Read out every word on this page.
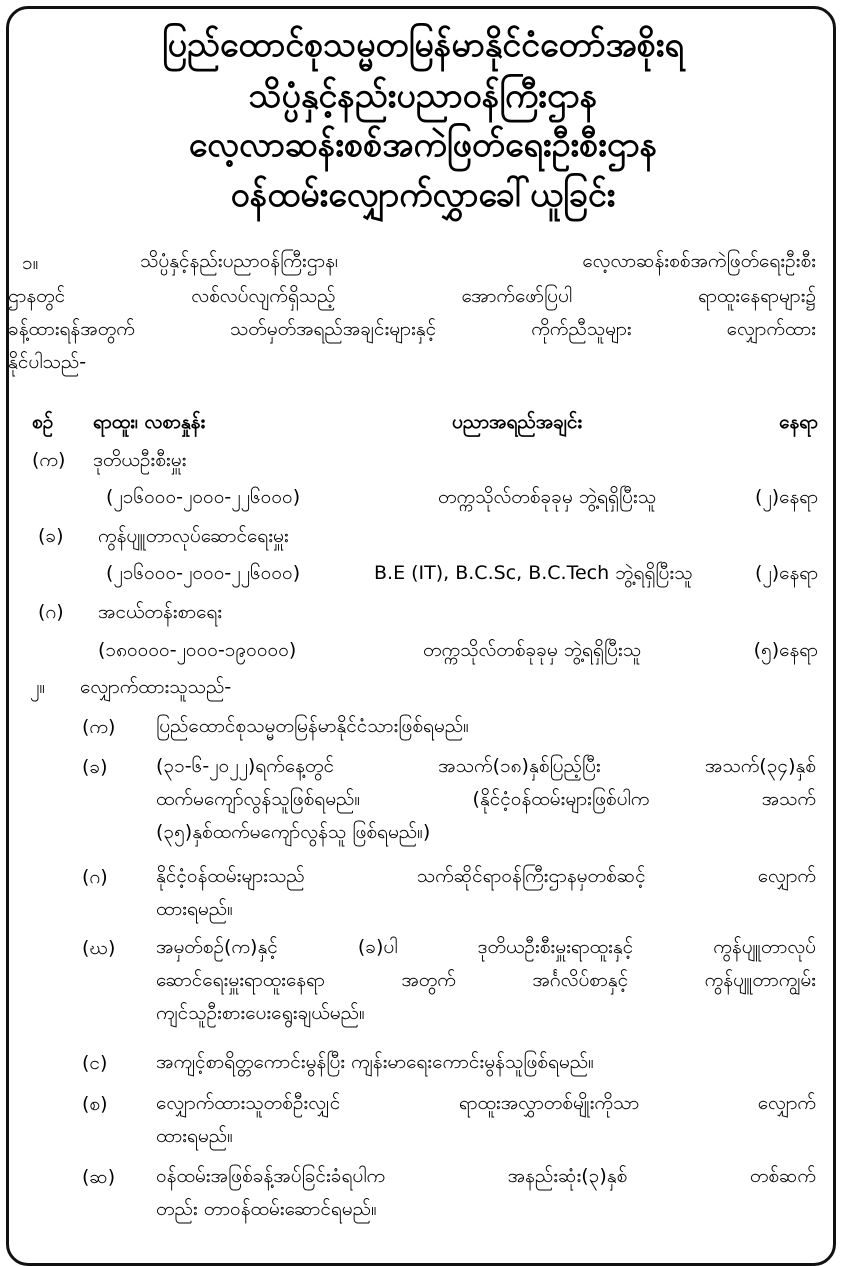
ပြည်ထောင်စုသမ္မတမြန်မာနိုင်ငံတော်အစိုးရ
သိပ္ပံနှင့်နည်းပညာဝန်ကြီးဌာန
လေ့လာဆန်းစစ်အကဲဖြတ်ရေးဦးစီးဌာန
ဝန်ထမ်းလျှောက်လွှာခေါ်ယူခြင်း
၁။	သိပ္ပံနှင့်နည်းပညာဝန်ကြီးဌာန၊	လေ့လာဆန်းစစ်အကဲဖြတ်ရေးဦးစီး
ဌာနတွင်	လစ်လပ်လျက်ရှိသည့်	အောက်ဖော်ပြပါ	ရာထူးနေရာများ၌
ခန့်ထားရန်အတွက်	သတ်မှတ်အရည်အချင်းများနှင့်	ကိုက်ညီသူများ	လျှောက်ထား
နိုင်ပါသည်-
စဉ် ရာထူး၊ လစာနှုန်း	ပညာအရည်အချင်း	နေရာ
(က) ဒုတိယဦးစီးမှူး
(၂၁၆၀၀၀-၂၀၀၀-၂၂၆၀၀၀)	တက္ကသိုလ်တစ်ခုခုမှ ဘွဲ့ရရှိပြီးသူ	(၂)နေရာ
(ခ) ကွန်ပျူတာလုပ်ဆောင်ရေးမှူး
(၂၁၆၀၀၀-၂၀၀၀-၂၂၆၀၀၀)	B.E (IT), B.C.Sc, B.C.Tech ဘွဲ့ရရှိပြီးသူ	(၂)နေရာ
(ဂ) အငယ်တန်းစာရေး
(၁၈၀၀၀၀-၂၀၀၀-၁၉၀၀၀၀)	တက္ကသိုလ်တစ်ခုခုမှ ဘွဲ့ရရှိပြီးသူ	(၅)နေရာ
၂။ လျှောက်ထားသူသည်-
(က) ပြည်ထောင်စုသမ္မတမြန်မာနိုင်ငံသားဖြစ်ရမည်။
(ခ)	(၃၁-၆-၂၀၂၂)ရက်နေ့တွင်	အသက်(၁၈)နှစ်ပြည့်ပြီး	အသက်(၃၄)နှစ်
ထက်မကျော်လွန်သူဖြစ်ရမည်။	(နိုင်ငံ့ဝန်ထမ်းများဖြစ်ပါက	အသက်
(၃၅)နှစ်ထက်မကျော်လွန်သူ ဖြစ်ရမည်။)
(ဂ)	နိုင်ငံ့ဝန်ထမ်းများသည်	သက်ဆိုင်ရာဝန်ကြီးဌာနမှတစ်ဆင့်	လျှောက်
ထားရမည်။
(ဃ) အမှတ်စဉ်(က)နှင့်	(ခ)ပါ	ဒုတိယဦးစီးမှူးရာထူးနှင့်	ကွန်ပျူတာလုပ်
ဆောင်ရေးမှူးရာထူးနေရာ	အတွက်	အင်္ဂလိပ်စာနှင့်	ကွန်ပျူတာကျွမ်း
ကျင်သူဦးစားပေးရွေးချယ်မည်။
(င)	အကျင့်စာရိတ္တကောင်းမွန်ပြီး ကျန်းမာရေးကောင်းမွန်သူဖြစ်ရမည်။
(စ)	လျှောက်ထားသူတစ်ဦးလျှင်	ရာထူးအလွှာတစ်မျိုးကိုသာ	လျှောက်
ထားရမည်။
(ဆ) ဝန်ထမ်းအဖြစ်ခန့်အပ်ခြင်းခံရပါက	အနည်းဆုံး(၃)နှစ်	တစ်ဆက်
တည်း တာဝန်ထမ်းဆောင်ရမည်။
